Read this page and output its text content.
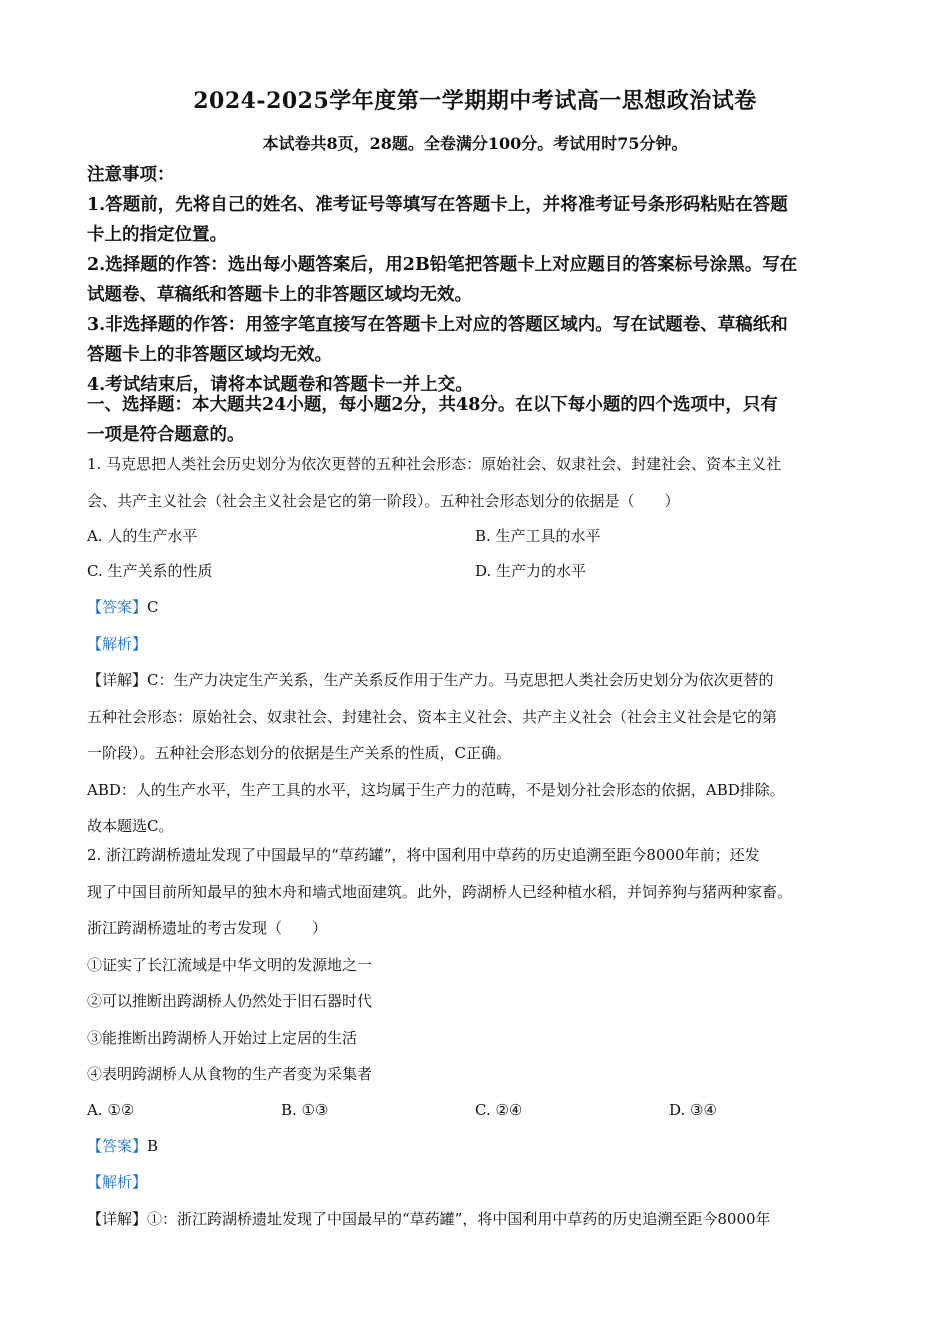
2024-2025学年度第一学期期中考试高一思想政治试卷
本试卷共8页，28题。全卷满分100分。考试用时75分钟。
注意事项：
1.答题前，先将自己的姓名、准考证号等填写在答题卡上，并将准考证号条形码粘贴在答题
卡上的指定位置。
2.选择题的作答：选出每小题答案后，用2B铅笔把答题卡上对应题目的答案标号涂黑。写在
试题卷、草稿纸和答题卡上的非答题区域均无效。
3.非选择题的作答：用签字笔直接写在答题卡上对应的答题区域内。写在试题卷、草稿纸和
答题卡上的非答题区域均无效。
4.考试结束后，请将本试题卷和答题卡一并上交。
一、选择题：本大题共24小题，每小题2分，共48分。在以下每小题的四个选项中，只有
一项是符合题意的。
1. 马克思把人类社会历史划分为依次更替的五种社会形态：原始社会、奴隶社会、封建社会、资本主义社
会、共产主义社会（社会主义社会是它的第一阶段）。五种社会形态划分的依据是（　　）
A. 人的生产水平	B. 生产工具的水平
C. 生产关系的性质	D. 生产力的水平
【答案】C
【解析】
【详解】C：生产力决定生产关系，生产关系反作用于生产力。马克思把人类社会历史划分为依次更替的
五种社会形态：原始社会、奴隶社会、封建社会、资本主义社会、共产主义社会（社会主义社会是它的第
一阶段）。五种社会形态划分的依据是生产关系的性质，C正确。
ABD：人的生产水平，生产工具的水平，这均属于生产力的范畴，不是划分社会形态的依据，ABD排除。
故本题选C。
2. 浙江跨湖桥遗址发现了中国最早的“草药罐”，将中国利用中草药的历史追溯至距今8000年前；还发
现了中国目前所知最早的独木舟和墙式地面建筑。此外，跨湖桥人已经种植水稻，并饲养狗与猪两种家畜。
浙江跨湖桥遗址的考古发现（　　）
①证实了长江流域是中华文明的发源地之一
②可以推断出跨湖桥人仍然处于旧石器时代
③能推断出跨湖桥人开始过上定居的生活
④表明跨湖桥人从食物的生产者变为采集者
A. ①②	B. ①③	C. ②④	D. ③④
【答案】B
【解析】
【详解】①：浙江跨湖桥遗址发现了中国最早的“草药罐”，将中国利用中草药的历史追溯至距今8000年
